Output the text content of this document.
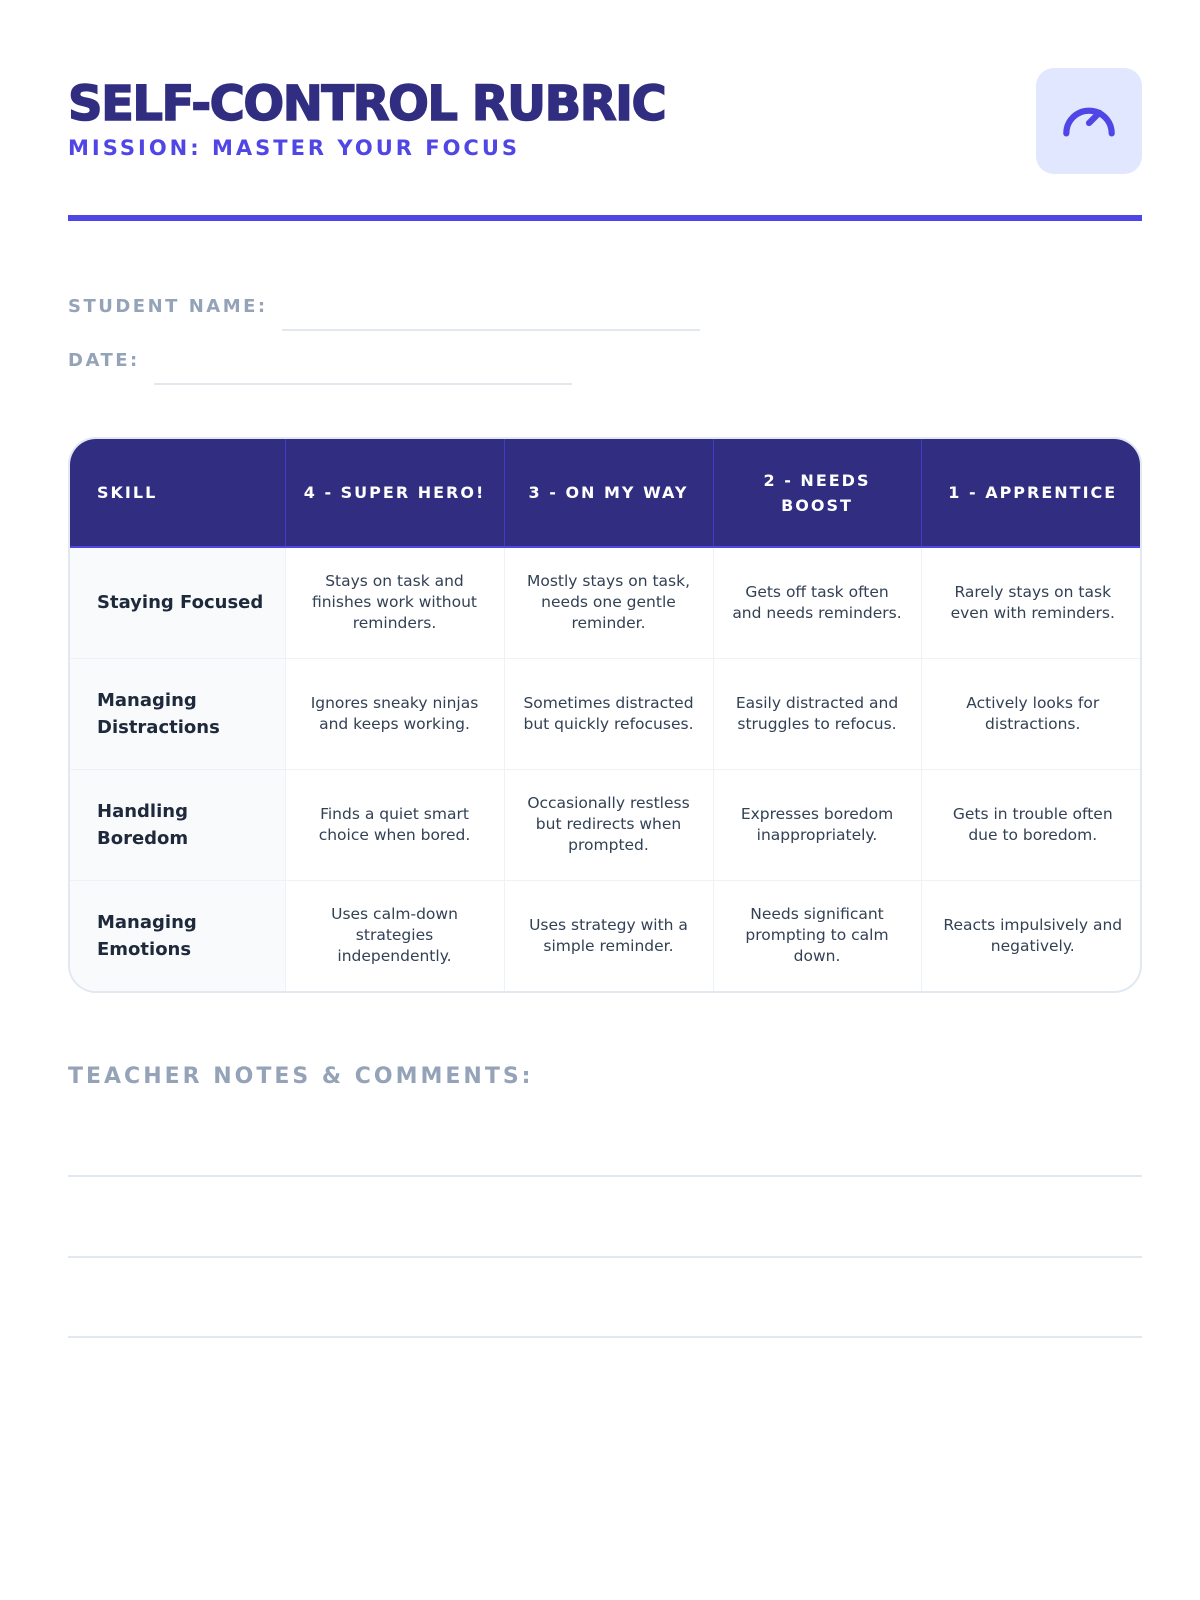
SELF-CONTROL RUBRIC
MISSION: MASTER YOUR FOCUS
STUDENT NAME:
DATE:
SKILL	4 - SUPER HERO!	3 - ON MY WAY	2 - NEEDS BOOST	1 - APPRENTICE
Staying Focused	Stays on task and finishes work without reminders.	Mostly stays on task, needs one gentle reminder.	Gets off task often and needs reminders.	Rarely stays on task even with reminders.
Managing Distractions	Ignores sneaky ninjas and keeps working.	Sometimes distracted but quickly refocuses.	Easily distracted and struggles to refocus.	Actively looks for distractions.
Handling Boredom	Finds a quiet smart choice when bored.	Occasionally restless but redirects when prompted.	Expresses boredom inappropriately.	Gets in trouble often due to boredom.
Managing Emotions	Uses calm-down strategies independently.	Uses strategy with a simple reminder.	Needs significant prompting to calm down.	Reacts impulsively and negatively.
TEACHER NOTES & COMMENTS:
